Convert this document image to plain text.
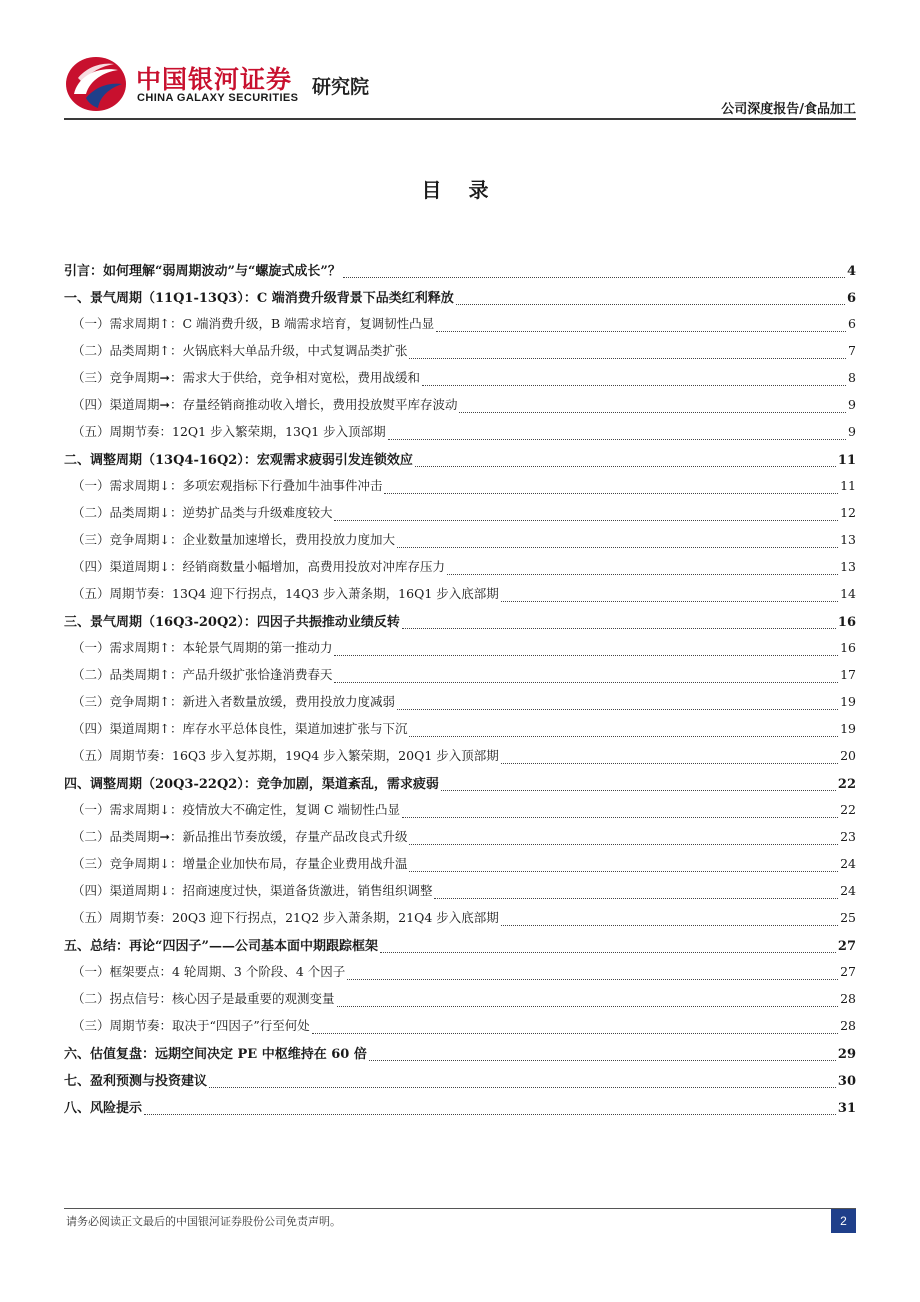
中国银河证券
CHINA GALAXY SECURITIES 研究院
公司深度报告/食品加工
目 录
引言：如何理解“弱周期波动”与“螺旋式成长”？	4
一、景气周期（11Q1-13Q3）：C 端消费升级背景下品类红利释放	6
（一）需求周期↑：C 端消费升级，B 端需求培育，复调韧性凸显	6
（二）品类周期↑：火锅底料大单品升级，中式复调品类扩张	7
（三）竞争周期➞：需求大于供给，竞争相对宽松，费用战缓和	8
（四）渠道周期➞：存量经销商推动收入增长，费用投放熨平库存波动	9
（五）周期节奏：12Q1 步入繁荣期，13Q1 步入顶部期	9
二、调整周期（13Q4-16Q2）：宏观需求疲弱引发连锁效应	11
（一）需求周期↓：多项宏观指标下行叠加牛油事件冲击	11
（二）品类周期↓：逆势扩品类与升级难度较大	12
（三）竞争周期↓：企业数量加速增长，费用投放力度加大	13
（四）渠道周期↓：经销商数量小幅增加，高费用投放对冲库存压力	13
（五）周期节奏：13Q4 迎下行拐点，14Q3 步入萧条期，16Q1 步入底部期	14
三、景气周期（16Q3-20Q2）：四因子共振推动业绩反转	16
（一）需求周期↑：本轮景气周期的第一推动力	16
（二）品类周期↑：产品升级扩张恰逢消费春天	17
（三）竞争周期↑：新进入者数量放缓，费用投放力度减弱	19
（四）渠道周期↑：库存水平总体良性，渠道加速扩张与下沉	19
（五）周期节奏：16Q3 步入复苏期，19Q4 步入繁荣期，20Q1 步入顶部期	20
四、调整周期（20Q3-22Q2）：竞争加剧，渠道紊乱，需求疲弱	22
（一）需求周期↓：疫情放大不确定性，复调 C 端韧性凸显	22
（二）品类周期➞：新品推出节奏放缓，存量产品改良式升级	23
（三）竞争周期↓：增量企业加快布局，存量企业费用战升温	24
（四）渠道周期↓：招商速度过快，渠道备货激进，销售组织调整	24
（五）周期节奏：20Q3 迎下行拐点，21Q2 步入萧条期，21Q4 步入底部期	25
五、总结：再论“四因子”——公司基本面中期跟踪框架	27
（一）框架要点：4 轮周期、3 个阶段、4 个因子	27
（二）拐点信号：核心因子是最重要的观测变量	28
（三）周期节奏：取决于“四因子”行至何处	28
六、估值复盘：远期空间决定 PE 中枢维持在 60 倍	29
七、盈利预测与投资建议	30
八、风险提示	31
请务必阅读正文最后的中国银河证券股份公司免责声明。	2
